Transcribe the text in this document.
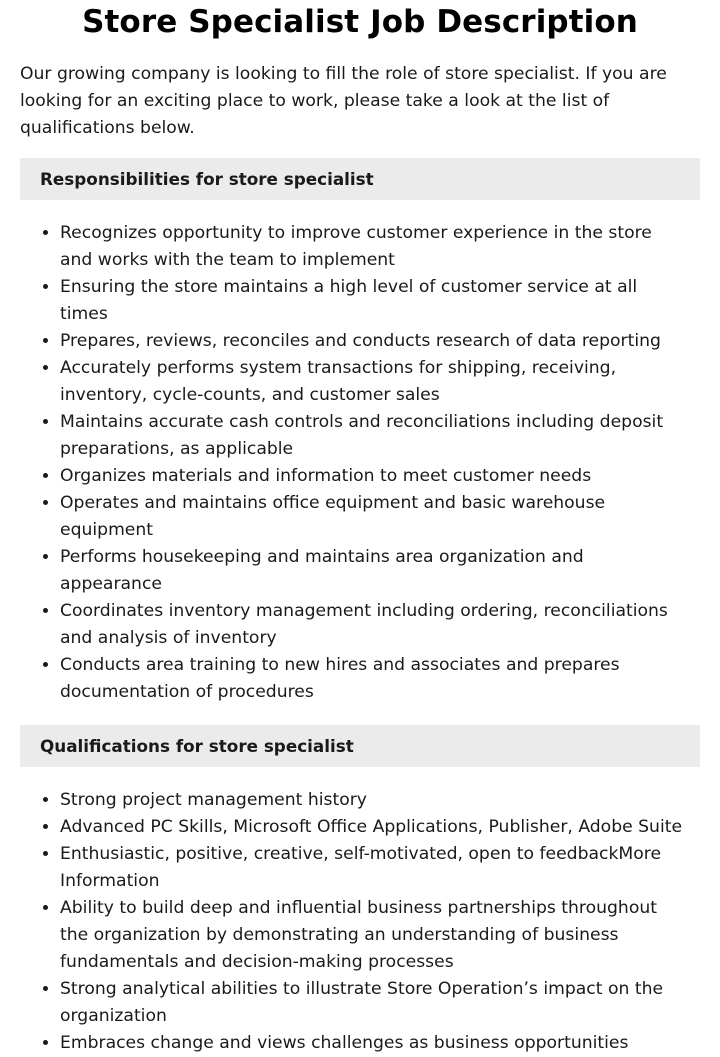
Store Specialist Job Description

Our growing company is looking to fill the role of store specialist. If you are looking for an exciting place to work, please take a look at the list of qualifications below.

Responsibilities for store specialist
• Recognizes opportunity to improve customer experience in the store and works with the team to implement
• Ensuring the store maintains a high level of customer service at all times
• Prepares, reviews, reconciles and conducts research of data reporting
• Accurately performs system transactions for shipping, receiving, inventory, cycle-counts, and customer sales
• Maintains accurate cash controls and reconciliations including deposit preparations, as applicable
• Organizes materials and information to meet customer needs
• Operates and maintains office equipment and basic warehouse equipment
• Performs housekeeping and maintains area organization and appearance
• Coordinates inventory management including ordering, reconciliations and analysis of inventory
• Conducts area training to new hires and associates and prepares documentation of procedures
Qualifications for store specialist
• Strong project management history
• Advanced PC Skills, Microsoft Office Applications, Publisher, Adobe Suite
• Enthusiastic, positive, creative, self-motivated, open to feedbackMore Information
• Ability to build deep and influential business partnerships throughout the organization by demonstrating an understanding of business fundamentals and decision-making processes
• Strong analytical abilities to illustrate Store Operation’s impact on the organization
• Embraces change and views challenges as business opportunities
